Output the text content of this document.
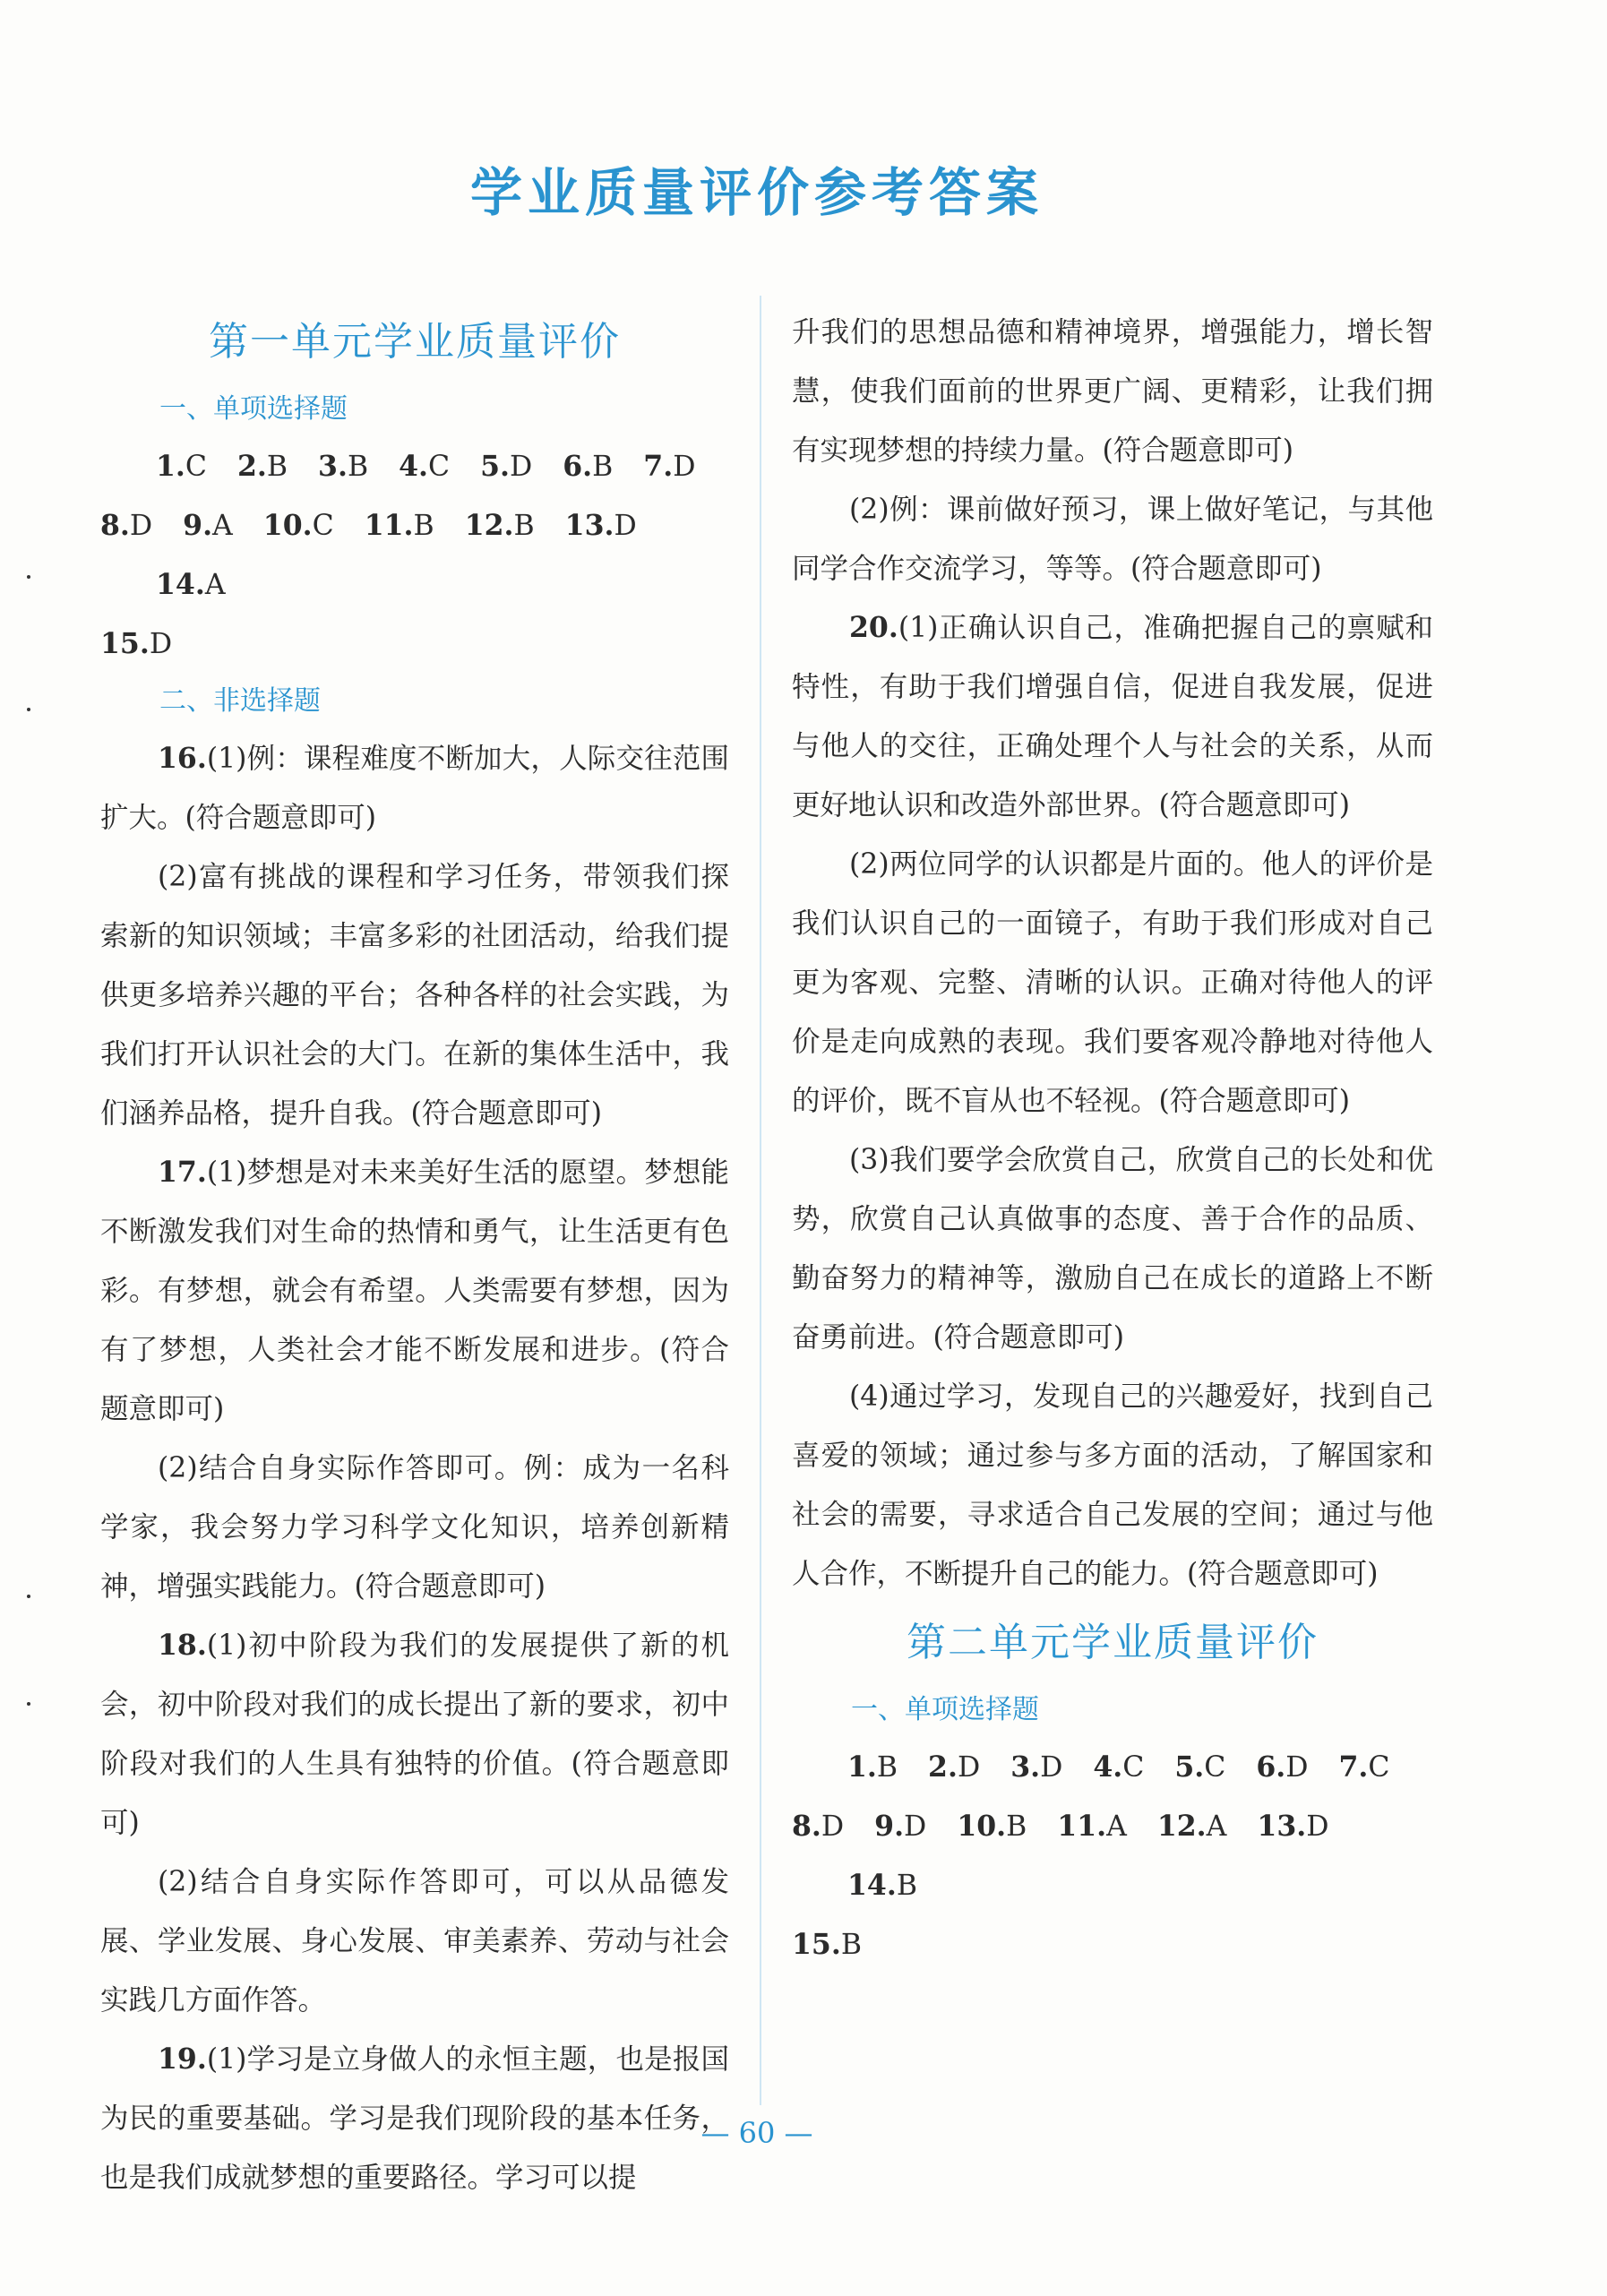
学业质量评价参考答案
第一单元学业质量评价
一、单项选择题
1.C 2.B 3.B 4.C 5.D 6.B 7.D
8.D 9.A 10.C 11.B 12.B 13.D
14.A
15.D
二、非选择题

16.(1)例：课程难度不断加大，人际交往范围扩大。(符合题意即可)

(2)富有挑战的课程和学习任务，带领我们探索新的知识领域；丰富多彩的社团活动，给我们提供更多培养兴趣的平台；各种各样的社会实践，为我们打开认识社会的大门。在新的集体生活中，我们涵养品格，提升自我。(符合题意即可)

17.(1)梦想是对未来美好生活的愿望。梦想能不断激发我们对生命的热情和勇气，让生活更有色彩。有梦想，就会有希望。人类需要有梦想，因为有了梦想，人类社会才能不断发展和进步。(符合题意即可)

(2)结合自身实际作答即可。例：成为一名科学家，我会努力学习科学文化知识，培养创新精神，增强实践能力。(符合题意即可)

18.(1)初中阶段为我们的发展提供了新的机会，初中阶段对我们的成长提出了新的要求，初中阶段对我们的人生具有独特的价值。(符合题意即可)

(2)结合自身实际作答即可，可以从品德发展、学业发展、身心发展、审美素养、劳动与社会实践几方面作答。

19.(1)学习是立身做人的永恒主题，也是报国为民的重要基础。学习是我们现阶段的基本任务，也是我们成就梦想的重要路径。学习可以提

升我们的思想品德和精神境界，增强能力，增长智慧，使我们面前的世界更广阔、更精彩，让我们拥有实现梦想的持续力量。(符合题意即可)

(2)例：课前做好预习，课上做好笔记，与其他同学合作交流学习，等等。(符合题意即可)

20.(1)正确认识自己，准确把握自己的禀赋和特性，有助于我们增强自信，促进自我发展，促进与他人的交往，正确处理个人与社会的关系，从而更好地认识和改造外部世界。(符合题意即可)

(2)两位同学的认识都是片面的。他人的评价是我们认识自己的一面镜子，有助于我们形成对自己更为客观、完整、清晰的认识。正确对待他人的评价是走向成熟的表现。我们要客观冷静地对待他人的评价，既不盲从也不轻视。(符合题意即可)

(3)我们要学会欣赏自己，欣赏自己的长处和优势，欣赏自己认真做事的态度、善于合作的品质、勤奋努力的精神等，激励自己在成长的道路上不断奋勇前进。(符合题意即可)

(4)通过学习，发现自己的兴趣爱好，找到自己喜爱的领域；通过参与多方面的活动，了解国家和社会的需要，寻求适合自己发展的空间；通过与他人合作，不断提升自己的能力。(符合题意即可)

第二单元学业质量评价
一、单项选择题
1.B 2.D 3.D 4.C 5.C 6.D 7.C
8.D 9.D 10.B 11.A 12.A 13.D
14.B
15.B
— 60 —
